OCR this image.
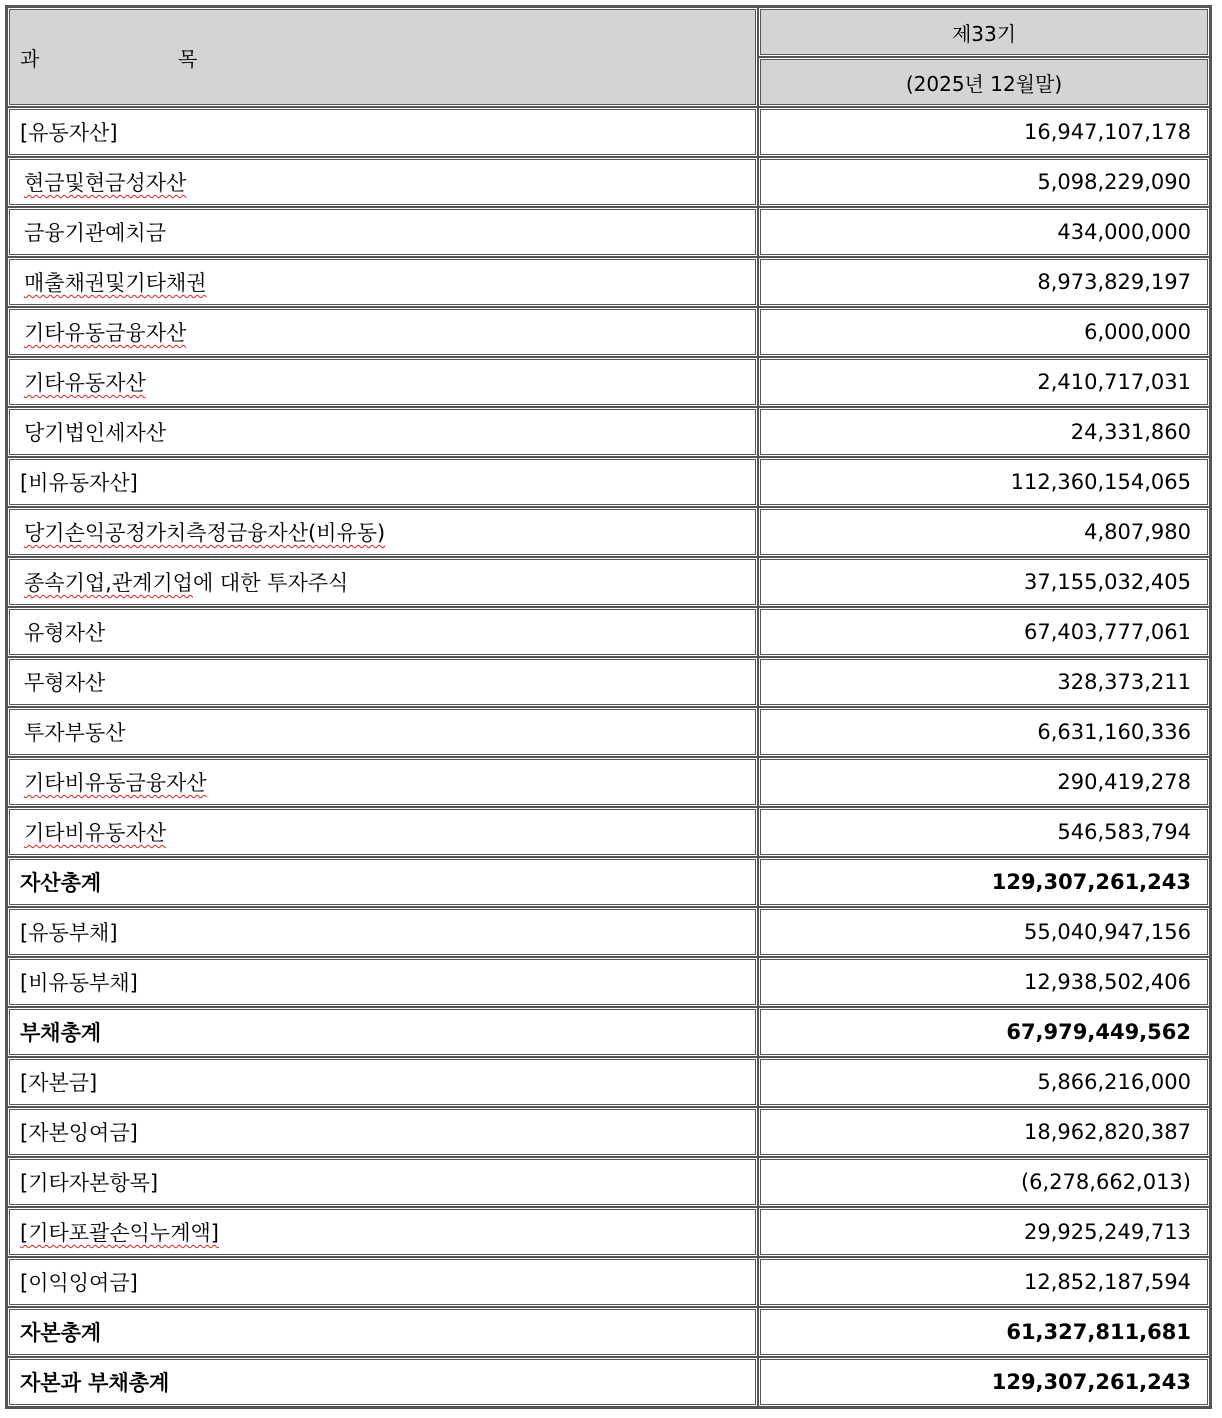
과 목	제33기
	(2025년 12월말)
[유동자산]	16,947,107,178
현금및현금성자산	5,098,229,090
금융기관예치금	434,000,000
매출채권및기타채권	8,973,829,197
기타유동금융자산	6,000,000
기타유동자산	2,410,717,031
당기법인세자산	24,331,860
[비유동자산]	112,360,154,065
당기손익공정가치측정금융자산(비유동)	4,807,980
종속기업,관계기업에 대한 투자주식	37,155,032,405
유형자산	67,403,777,061
무형자산	328,373,211
투자부동산	6,631,160,336
기타비유동금융자산	290,419,278
기타비유동자산	546,583,794
자산총계	129,307,261,243
[유동부채]	55,040,947,156
[비유동부채]	12,938,502,406
부채총계	67,979,449,562
[자본금]	5,866,216,000
[자본잉여금]	18,962,820,387
[기타자본항목]	(6,278,662,013)
[기타포괄손익누계액]	29,925,249,713
[이익잉여금]	12,852,187,594
자본총계	61,327,811,681
자본과 부채총계	129,307,261,243
